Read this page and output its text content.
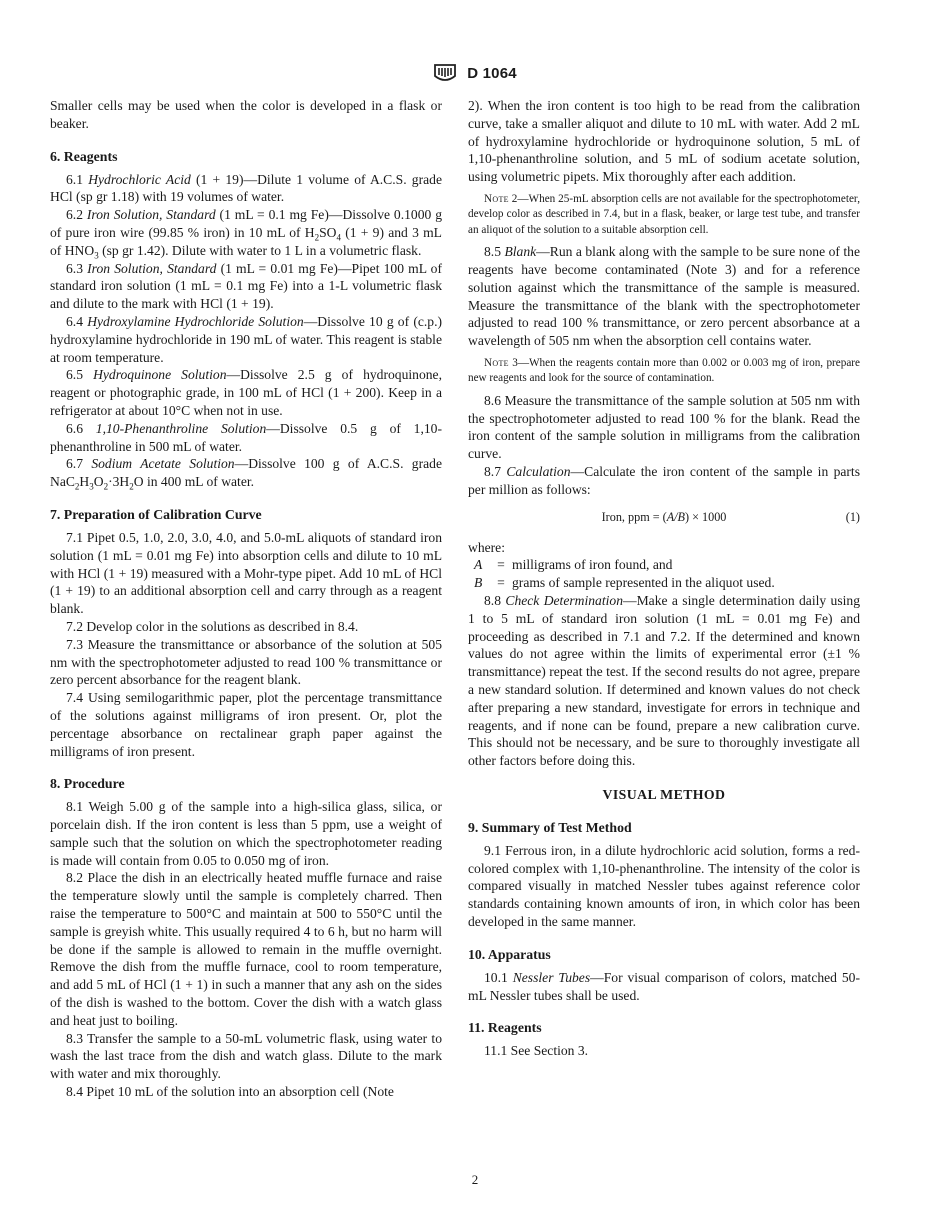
D 1064

Smaller cells may be used when the color is developed in a flask or beaker.

6. Reagents

6.1 Hydrochloric Acid (1 + 19)—Dilute 1 volume of A.C.S. grade HCl (sp gr 1.18) with 19 volumes of water.

6.2 Iron Solution, Standard (1 mL = 0.1 mg Fe)—Dissolve 0.1000 g of pure iron wire (99.85 % iron) in 10 mL of $H_2SO_4$ (1 + 9) and 3 mL of $HNO_3$ (sp gr 1.42). Dilute with water to 1 L in a volumetric flask.

6.3 Iron Solution, Standard (1 mL = 0.01 mg Fe)—Pipet 100 mL of standard iron solution (1 mL = 0.1 mg Fe) into a 1-L volumetric flask and dilute to the mark with HCl (1 + 19).

6.4 Hydroxylamine Hydrochloride Solution—Dissolve 10 g of (c.p.) hydroxylamine hydrochloride in 190 mL of water. This reagent is stable at room temperature.

6.5 Hydroquinone Solution—Dissolve 2.5 g of hydroquinone, reagent or photographic grade, in 100 mL of HCl (1 + 200). Keep in a refrigerator at about 10°C when not in use.

6.6 1,10-Phenanthroline Solution—Dissolve 0.5 g of 1,10-phenanthroline in 500 mL of water.

6.7 Sodium Acetate Solution—Dissolve 100 g of A.C.S. grade $NaC_2H_3O_2\cdot 3H_2O$ in 400 mL of water.

7. Preparation of Calibration Curve

7.1 Pipet 0.5, 1.0, 2.0, 3.0, 4.0, and 5.0-mL aliquots of standard iron solution (1 mL = 0.01 mg Fe) into absorption cells and dilute to 10 mL with HCl (1 + 19) measured with a Mohr-type pipet. Add 10 mL of HCl (1 + 19) to an additional absorption cell and carry through as a reagent blank.

7.2 Develop color in the solutions as described in 8.4.

7.3 Measure the transmittance or absorbance of the solution at 505 nm with the spectrophotometer adjusted to read 100 % transmittance or zero percent absorbance for the reagent blank.

7.4 Using semilogarithmic paper, plot the percentage transmittance of the solutions against milligrams of iron present. Or, plot the percentage absorbance on rectalinear graph paper against the milligrams of iron present.

8. Procedure

8.1 Weigh 5.00 g of the sample into a high-silica glass, silica, or porcelain dish. If the iron content is less than 5 ppm, use a weight of sample such that the solution on which the spectrophotometer reading is made will contain from 0.05 to 0.050 mg of iron.

8.2 Place the dish in an electrically heated muffle furnace and raise the temperature slowly until the sample is completely charred. Then raise the temperature to 500°C and maintain at 500 to 550°C until the sample is greyish white. This usually required 4 to 6 h, but no harm will be done if the sample is allowed to remain in the muffle overnight. Remove the dish from the muffle furnace, cool to room temperature, and add 5 mL of HCl (1 + 1) in such a manner that any ash on the sides of the dish is washed to the bottom. Cover the dish with a watch glass and heat just to boiling.

8.3 Transfer the sample to a 50-mL volumetric flask, using water to wash the last trace from the dish and watch glass. Dilute to the mark with water and mix thoroughly.

8.4 Pipet 10 mL of the solution into an absorption cell (Note

2). When the iron content is too high to be read from the calibration curve, take a smaller aliquot and dilute to 10 mL with water. Add 2 mL of hydroxylamine hydrochloride or hydroquinone solution, 5 mL of 1,10-phenanthroline solution, and 5 mL of sodium acetate solution, using volumetric pipets. Mix thoroughly after each addition.

Note 2—When 25-mL absorption cells are not available for the spectrophotometer, develop color as described in 7.4, but in a flask, beaker, or large test tube, and transfer an aliquot of the solution to a suitable absorption cell.

8.5 Blank—Run a blank along with the sample to be sure none of the reagents have become contaminated (Note 3) and for a reference solution against which the transmittance of the sample is measured. Measure the transmittance of the blank with the spectrophotometer adjusted to read 100 % transmittance, or zero percent absorbance at a wavelength of 505 nm when the absorption cell contains water.

Note 3—When the reagents contain more than 0.002 or 0.003 mg of iron, prepare new reagents and look for the source of contamination.

8.6 Measure the transmittance of the sample solution at 505 nm with the spectrophotometer adjusted to read 100 % for the blank. Read the iron content of the sample solution in milligrams from the calibration curve.

8.7 Calculation—Calculate the iron content of the sample in parts per million as follows:

Iron, ppm = (A/B) × 1000	(1)

where:

A	= milligrams of iron found, and
B	= grams of sample represented in the aliquot used.

8.8 Check Determination—Make a single determination daily using 1 to 5 mL of standard iron solution (1 mL = 0.01 mg Fe) and proceeding as described in 7.1 and 7.2. If the determined and known values do not agree within the limits of experimental error (±1 % transmittance) repeat the test. If the second results do not agree, prepare a new standard solution. If determined and known values do not check after preparing a new standard, investigate for errors in technique and reagents, and if none can be found, prepare a new calibration curve. This should not be necessary, and be sure to thoroughly investigate all other factors before doing this.

VISUAL METHOD
9. Summary of Test Method

9.1 Ferrous iron, in a dilute hydrochloric acid solution, forms a red-colored complex with 1,10-phenanthroline. The intensity of the color is compared visually in matched Nessler tubes against reference color standards containing known amounts of iron, in which color has been developed in the same manner.

10. Apparatus

10.1 Nessler Tubes—For visual comparison of colors, matched 50-mL Nessler tubes shall be used.

11. Reagents

11.1 See Section 3.

2
